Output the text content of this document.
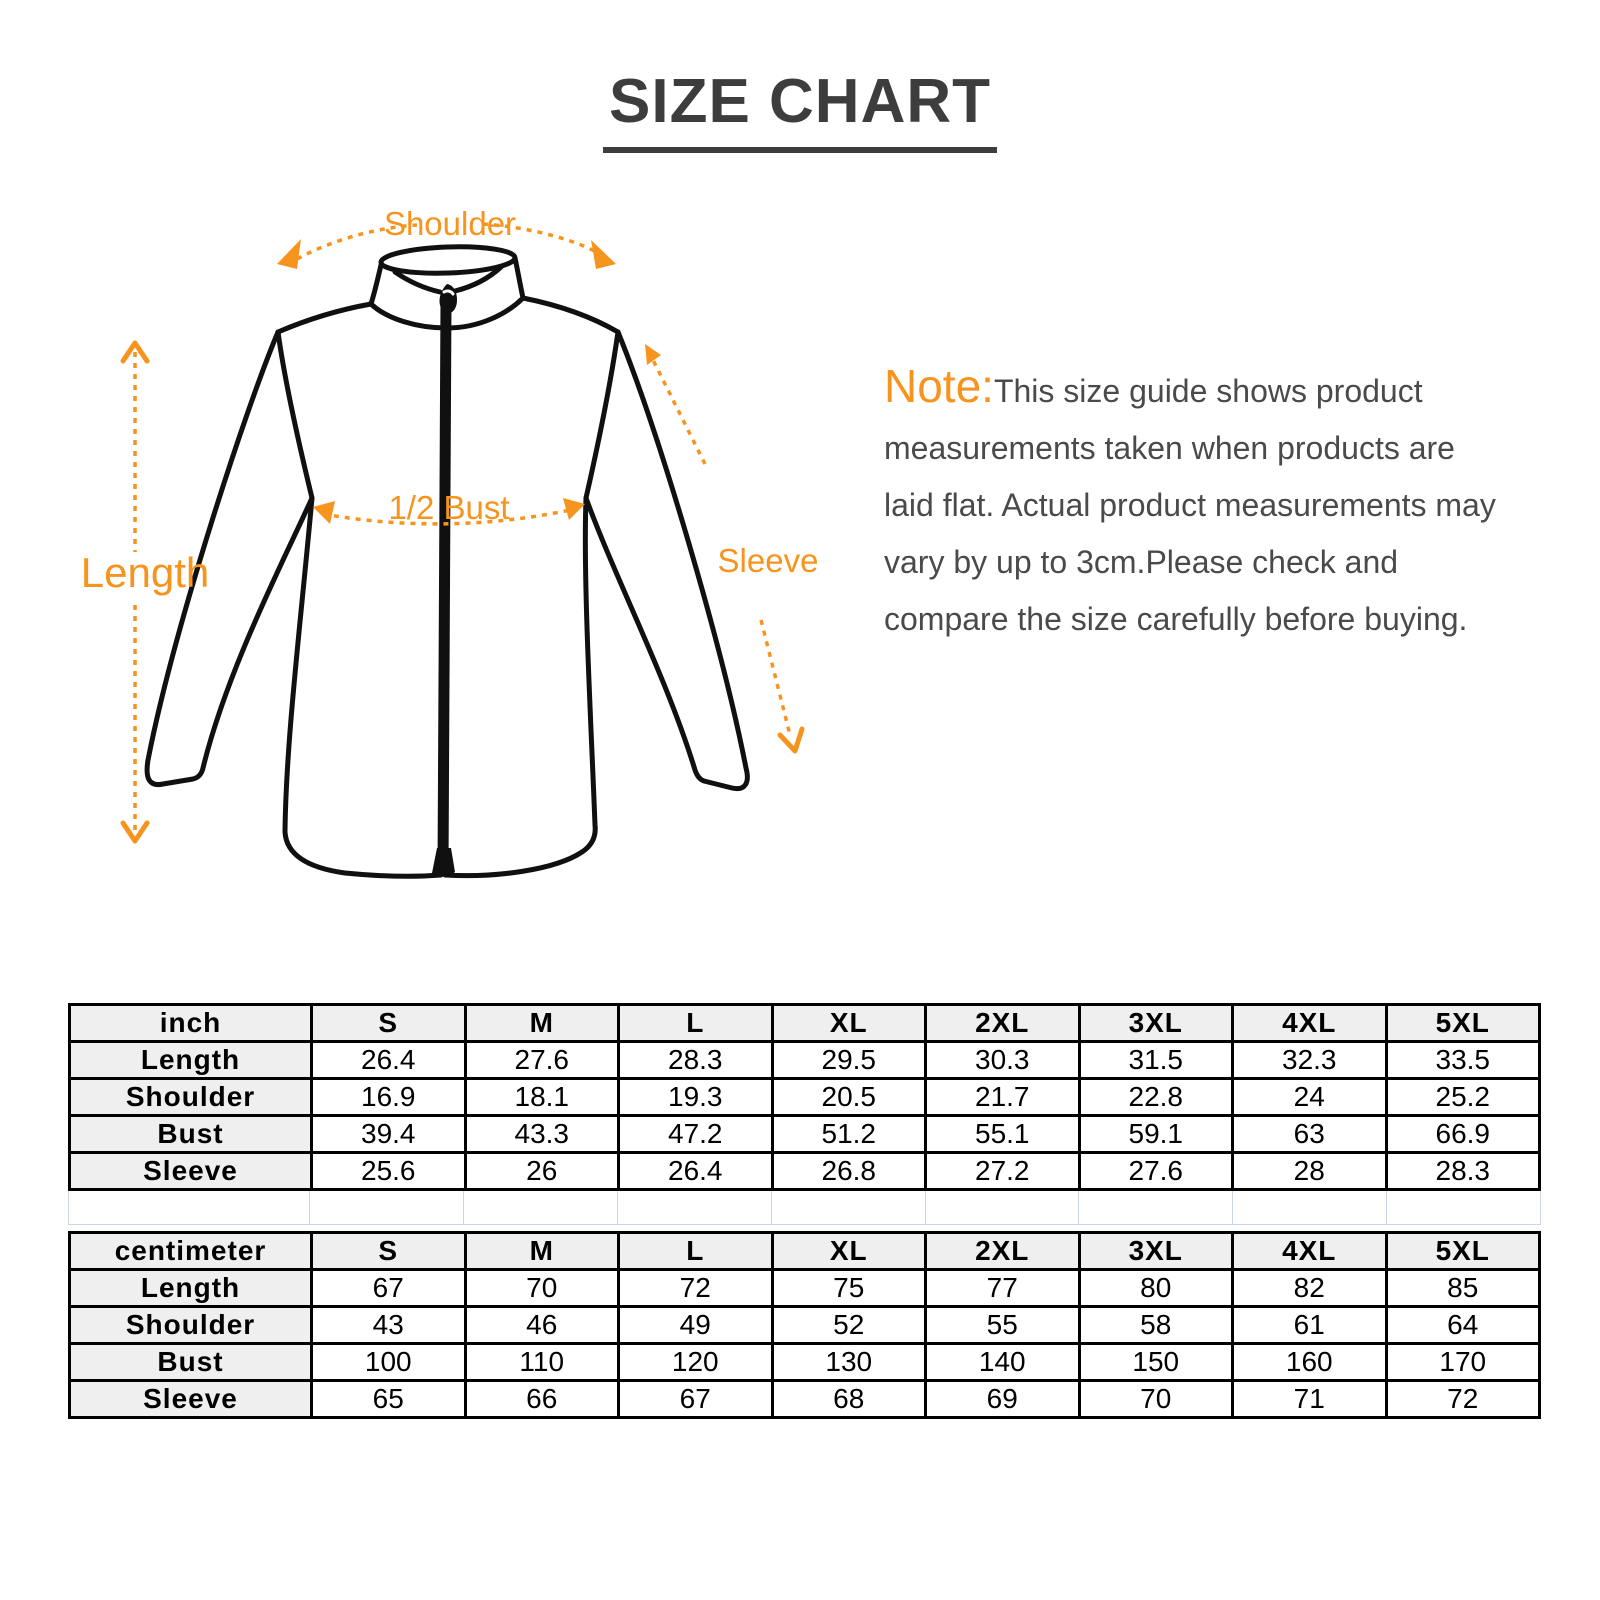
SIZE CHART
Shoulder
Length
1/2 Bust
Sleeve

Note:This size guide shows product measurements taken when products are laid flat. Actual product measurements may vary by up to 3cm.Please check and compare the size carefully before buying.

inch	S	M	L	XL	2XL	3XL	4XL	5XL
Length	26.4	27.6	28.3	29.5	30.3	31.5	32.3	33.5
Shoulder	16.9	18.1	19.3	20.5	21.7	22.8	24	25.2
Bust	39.4	43.3	47.2	51.2	55.1	59.1	63	66.9
Sleeve	25.6	26	26.4	26.8	27.2	27.6	28	28.3
centimeter	S	M	L	XL	2XL	3XL	4XL	5XL
Length	67	70	72	75	77	80	82	85
Shoulder	43	46	49	52	55	58	61	64
Bust	100	110	120	130	140	150	160	170
Sleeve	65	66	67	68	69	70	71	72
